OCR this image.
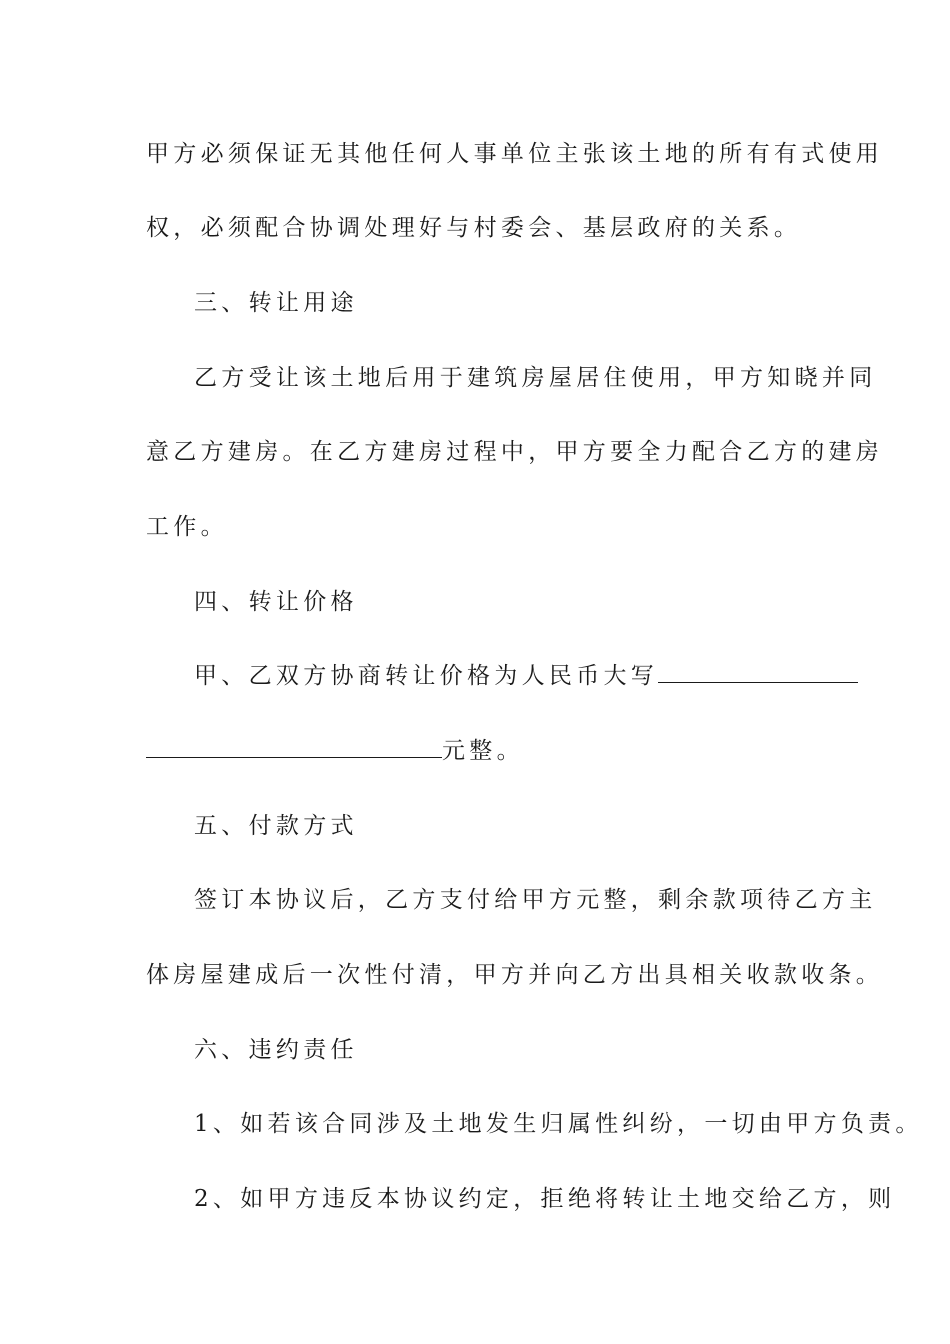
甲方必须保证无其他任何人事单位主张该土地的所有有式使用
权，必须配合协调处理好与村委会、基层政府的关系。
三、转让用途
乙方受让该土地后用于建筑房屋居住使用，甲方知晓并同
意乙方建房。在乙方建房过程中，甲方要全力配合乙方的建房
工作。
四、转让价格
甲、乙双方协商转让价格为人民币大写
元整。
五、付款方式
签订本协议后，乙方支付给甲方元整，剩余款项待乙方主
体房屋建成后一次性付清，甲方并向乙方出具相关收款收条。
六、违约责任
1、如若该合同涉及土地发生归属性纠纷，一切由甲方负责。
2、如甲方违反本协议约定，拒绝将转让土地交给乙方，则
